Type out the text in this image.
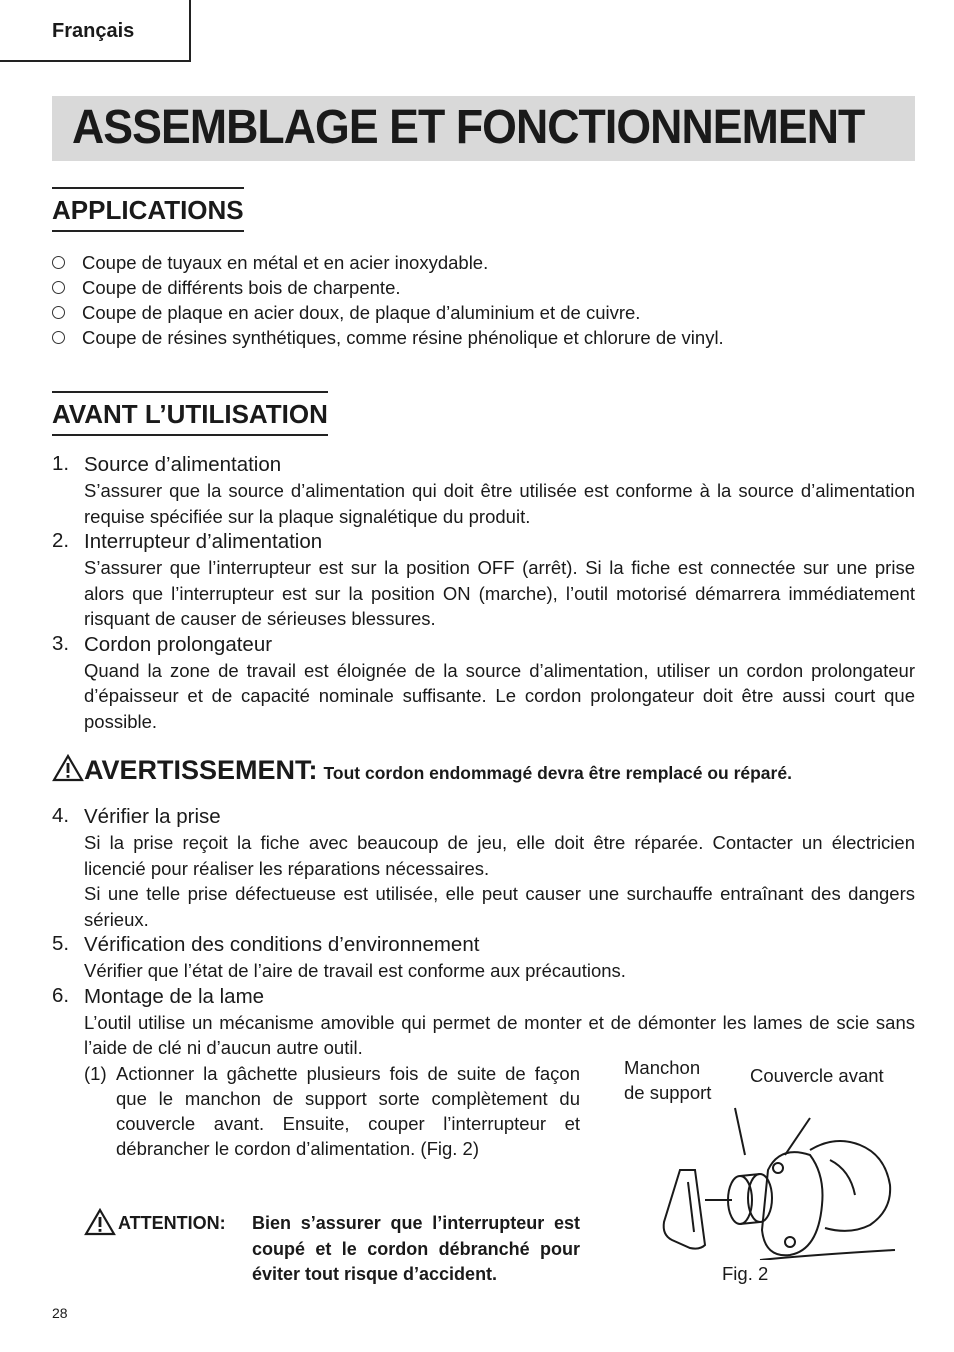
Français
ASSEMBLAGE ET FONCTIONNEMENT
APPLICATIONS
Coupe de tuyaux en métal et en acier inoxydable.
Coupe de différents bois de charpente.
Coupe de plaque en acier doux, de plaque d’aluminium et de cuivre.
Coupe de résines synthétiques, comme résine phénolique et chlorure de vinyl.
AVANT L’UTILISATION
1. Source d’alimentation
S’assurer que la source d’alimentation qui doit être utilisée est conforme à la source d’alimentation requise spécifiée sur la plaque signalétique du produit.
2. Interrupteur d’alimentation
S’assurer que l’interrupteur est sur la position OFF (arrêt). Si la fiche est connectée sur une prise alors que l’interrupteur est sur la position ON (marche), l’outil motorisé démarrera immédiatement risquant de causer de sérieuses blessures.
3. Cordon prolongateur
Quand la zone de travail est éloignée de la source d’alimentation, utiliser un cordon prolongateur d’épaisseur et de capacité nominale suffisante. Le cordon prolongateur doit être aussi court que possible.
AVERTISSEMENT: Tout cordon endommagé devra être remplacé ou réparé.
4. Vérifier la prise
Si la prise reçoit la fiche avec beaucoup de jeu, elle doit être réparée. Contacter un électricien licencié pour réaliser les réparations nécessaires.
Si une telle prise défectueuse est utilisée, elle peut causer une surchauffe entraînant des dangers sérieux.
5. Vérification des conditions d’environnement
Vérifier que l’état de l’aire de travail est conforme aux précautions.
6. Montage de la lame
L’outil utilise un mécanisme amovible qui permet de monter et de démonter les lames de scie sans l’aide de clé ni d’aucun autre outil.
(1) Actionner la gâchette plusieurs fois de suite de façon que le manchon de support sorte complètement du couvercle avant. Ensuite, couper l’interrupteur et débrancher le cordon d’alimentation. (Fig. 2)
ATTENTION: Bien s’assurer que l’interrupteur est coupé et le cordon débranché pour éviter tout risque d’accident.
Manchon
de support
Couvercle avant
Fig. 2
28
